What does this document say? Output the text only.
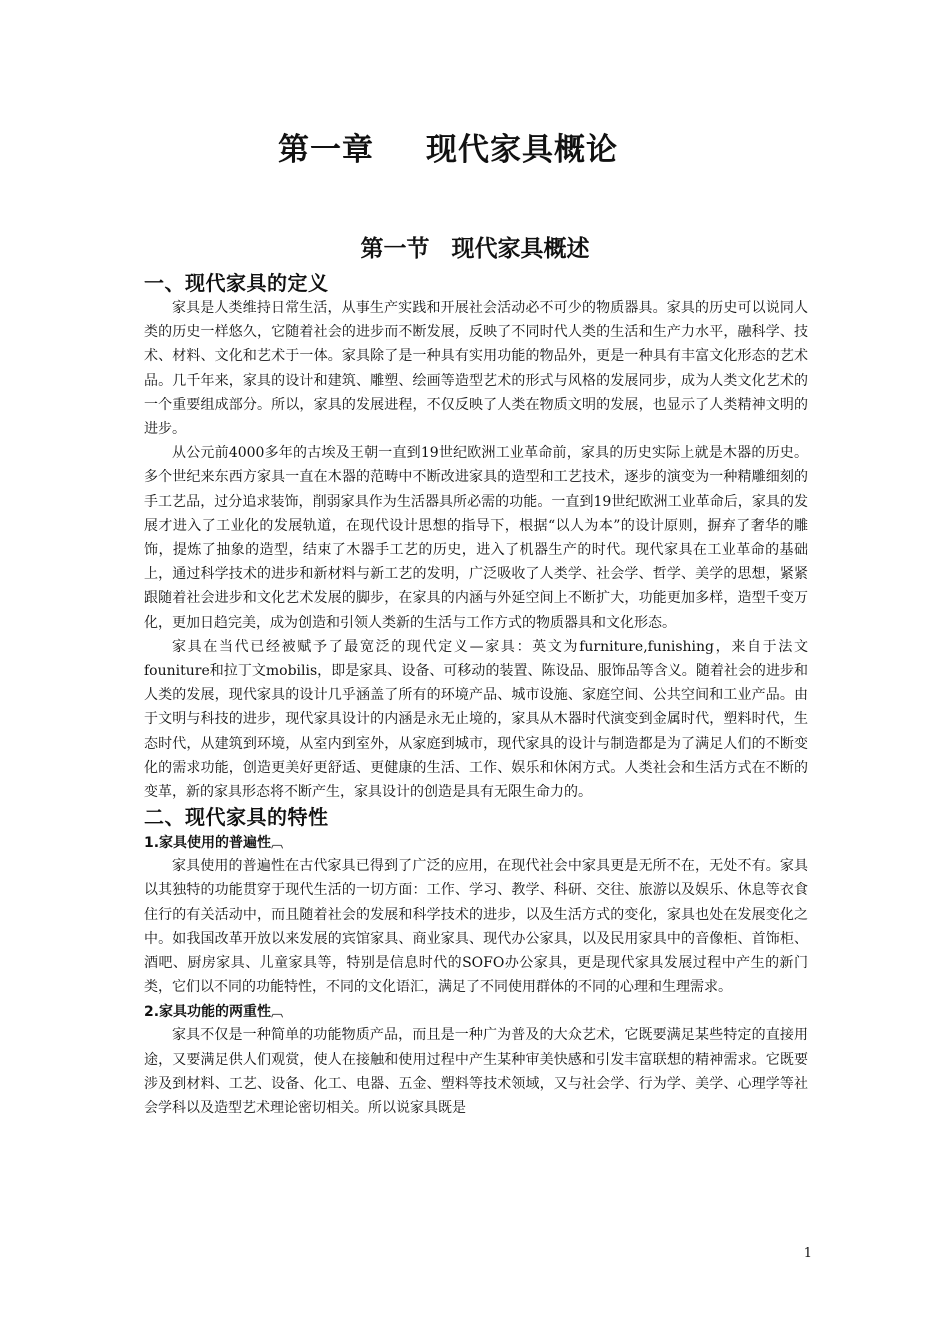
第一章 现代家具概论
第一节 现代家具概述
一、现代家具的定义

家具是人类维持日常生活，从事生产实践和开展社会活动必不可少的物质器具。家具的历史可以说同人类的历史一样悠久，它随着社会的进步而不断发展，反映了不同时代人类的生活和生产力水平，融科学、技术、材料、文化和艺术于一体。家具除了是一种具有实用功能的物品外，更是一种具有丰富文化形态的艺术品。几千年来，家具的设计和建筑、雕塑、绘画等造型艺术的形式与风格的发展同步，成为人类文化艺术的一个重要组成部分。所以，家具的发展进程，不仅反映了人类在物质文明的发展，也显示了人类精神文明的进步。

从公元前4000多年的古埃及王朝一直到19世纪欧洲工业革命前，家具的历史实际上就是木器的历史。多个世纪来东西方家具一直在木器的范畴中不断改进家具的造型和工艺技术，逐步的演变为一种精雕细刻的手工艺品，过分追求装饰，削弱家具作为生活器具所必需的功能。一直到19世纪欧洲工业革命后，家具的发展才进入了工业化的发展轨道，在现代设计思想的指导下，根据“以人为本”的设计原则，摒弃了奢华的雕饰，提炼了抽象的造型，结束了木器手工艺的历史，进入了机器生产的时代。现代家具在工业革命的基础上，通过科学技术的进步和新材料与新工艺的发明，广泛吸收了人类学、社会学、哲学、美学的思想，紧紧跟随着社会进步和文化艺术发展的脚步，在家具的内涵与外延空间上不断扩大，功能更加多样，造型千变万化，更加日趋完美，成为创造和引领人类新的生活与工作方式的物质器具和文化形态。

家具在当代已经被赋予了最宽泛的现代定义—家具：英文为furniture,funishing，来自于法文founiture和拉丁文mobilis，即是家具、设备、可移动的装置、陈设品、服饰品等含义。随着社会的进步和人类的发展，现代家具的设计几乎涵盖了所有的环境产品、城市设施、家庭空间、公共空间和工业产品。由于文明与科技的进步，现代家具设计的内涵是永无止境的，家具从木器时代演变到金属时代，塑料时代，生态时代，从建筑到环境，从室内到室外，从家庭到城市，现代家具的设计与制造都是为了满足人们的不断变化的需求功能，创造更美好更舒适、更健康的生活、工作、娱乐和休闲方式。人类社会和生活方式在不断的变革，新的家具形态将不断产生，家具设计的创造是具有无限生命力的。

二、现代家具的特性
1.家具使用的普遍性︹

家具使用的普遍性在古代家具已得到了广泛的应用，在现代社会中家具更是无所不在，无处不有。家具以其独特的功能贯穿于现代生活的一切方面：工作、学习、教学、科研、交往、旅游以及娱乐、休息等衣食住行的有关活动中，而且随着社会的发展和科学技术的进步，以及生活方式的变化，家具也处在发展变化之中。如我国改革开放以来发展的宾馆家具、商业家具、现代办公家具，以及民用家具中的音像柜、首饰柜、酒吧、厨房家具、儿童家具等，特别是信息时代的SOFO办公家具，更是现代家具发展过程中产生的新门类，它们以不同的功能特性，不同的文化语汇，满足了不同使用群体的不同的心理和生理需求。

2.家具功能的两重性︹

家具不仅是一种简单的功能物质产品，而且是一种广为普及的大众艺术，它既要满足某些特定的直接用途，又要满足供人们观赏，使人在接触和使用过程中产生某种审美快感和引发丰富联想的精神需求。它既要涉及到材料、工艺、设备、化工、电器、五金、塑料等技术领域，又与社会学、行为学、美学、心理学等社会学科以及造型艺术理论密切相关。所以说家具既是

1
